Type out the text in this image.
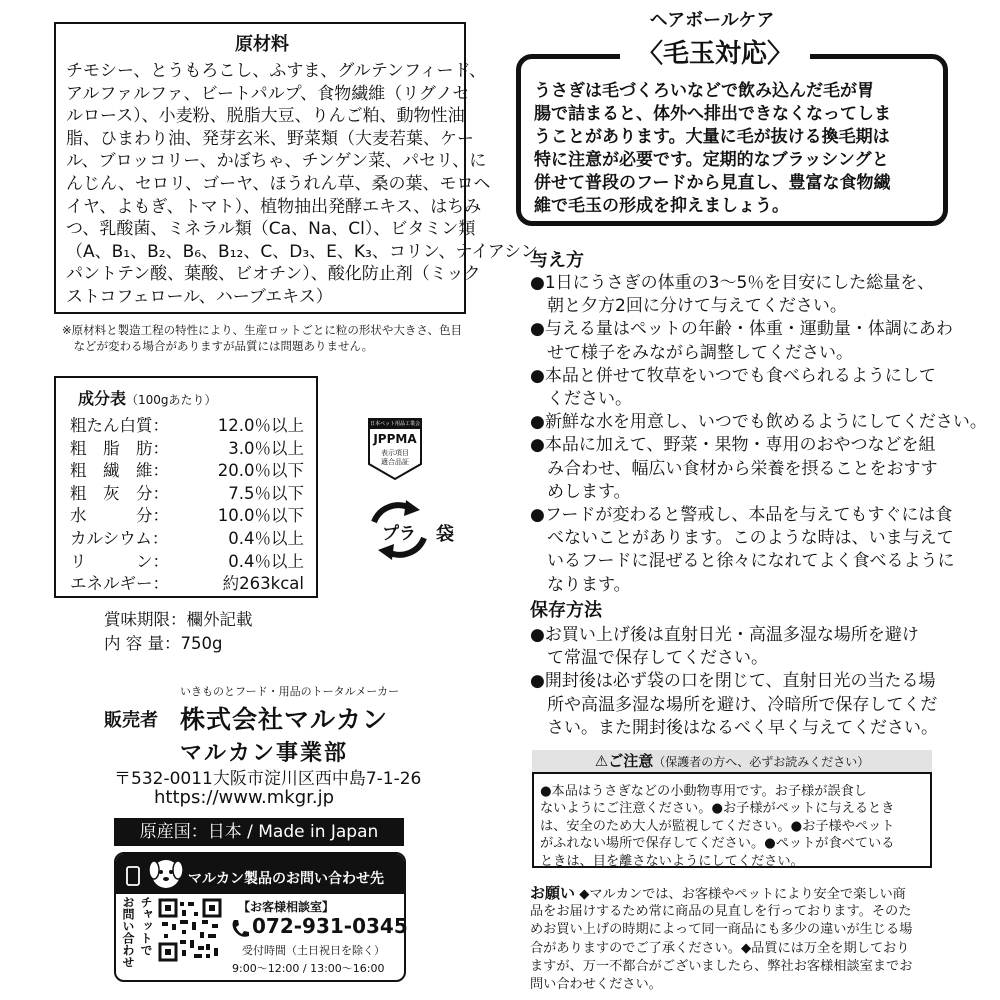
原材料
チモシー、とうもろこし、ふすま、グルテンフィード、
アルファルファ、ビートパルプ、食物繊維（リグノセ
ルロース）、小麦粉、脱脂大豆、りんご粕、動物性油
脂、ひまわり油、発芽玄米、野菜類（大麦若葉、ケー
ル、ブロッコリー、かぼちゃ、チンゲン菜、パセリ、に
んじん、セロリ、ゴーヤ、ほうれん草、桑の葉、モロヘ
イヤ、よもぎ、トマト）、植物抽出発酵エキス、はちみ
つ、乳酸菌、ミネラル類（Ca、Na、Cl）、ビタミン類
（A、B₁、B₂、B₆、B₁₂、C、D₃、E、K₃、コリン、ナイアシン、
パントテン酸、葉酸、ビオチン）、酸化防止剤（ミック
ストコフェロール、ハーブエキス）
※原材料と製造工程の特性により、生産ロットごとに粒の形状や大きさ、色目
　などが変わる場合がありますが品質には問題ありません。
成分表（100gあたり）
粗たん白質：	12.0％以上
粗　脂　肪：	3.0％以上
粗　繊　維：	20.0％以下
粗　灰　分：	7.5％以下
水　　　分：	10.0％以下
カルシウム：	0.4％以上
リ　　　ン：	0.4％以上
エネルギー：	約263kcal
日本ペット用品工業会
JPPMA
表示項目
適合品証
プラ 袋
賞味期限：欄外記載
内 容 量：750g
いきものとフード・用品のトータルメーカー
販売者 株式会社マルカン
マルカン事業部
〒532-0011大阪市淀川区西中島7-1-26
https://www.mkgr.jp
原産国：日本 / Made in Japan
マルカン製品のお問い合わせ先
チャットで
お問い合わせ	【お客様相談室】
072-931-0345
受付時間（土日祝日を除く）
9:00〜12:00 / 13:00〜16:00
ヘアボールケア
〈毛玉対応〉
うさぎは毛づくろいなどで飲み込んだ毛が胃
腸で詰まると、体外へ排出できなくなってしま
うことがあります。大量に毛が抜ける換毛期は
特に注意が必要です。定期的なブラッシングと
併せて普段のフードから見直し、豊富な食物繊
維で毛玉の形成を抑えましょう。
与え方
●1日にうさぎの体重の3〜5％を目安にした総量を、
　朝と夕方2回に分けて与えてください。
●与える量はペットの年齢・体重・運動量・体調にあわ
　せて様子をみながら調整してください。
●本品と併せて牧草をいつでも食べられるようにして
　ください。
●新鮮な水を用意し、いつでも飲めるようにしてください。
●本品に加えて、野菜・果物・専用のおやつなどを組
　み合わせ、幅広い食材から栄養を摂ることをおすす
　めします。
●フードが変わると警戒し、本品を与えてもすぐには食
　べないことがあります。このような時は、いま与えて
　いるフードに混ぜると徐々になれてよく食べるように
　なります。
保存方法
●お買い上げ後は直射日光・高温多湿な場所を避け
　て常温で保存してください。
●開封後は必ず袋の口を閉じて、直射日光の当たる場
　所や高温多湿な場所を避け、冷暗所で保存してくだ
　さい。また開封後はなるべく早く与えてください。
⚠ご注意（保護者の方へ、必ずお読みください）
●本品はうさぎなどの小動物専用です。お子様が誤食し
ないようにご注意ください。●お子様がペットに与えるとき
は、安全のため大人が監視してください。●お子様やペット
がふれない場所で保存してください。●ペットが食べている
ときは、目を離さないようにしてください。
お願い ◆マルカンでは、お客様やペットにより安全で楽しい商
品をお届けするため常に商品の見直しを行っております。そのた
めお買い上げの時期によって同一商品にも多少の違いが生じる場
合がありますのでご了承ください。◆品質には万全を期しており
ますが、万一不都合がございましたら、弊社お客様相談室までお
問い合わせください。
